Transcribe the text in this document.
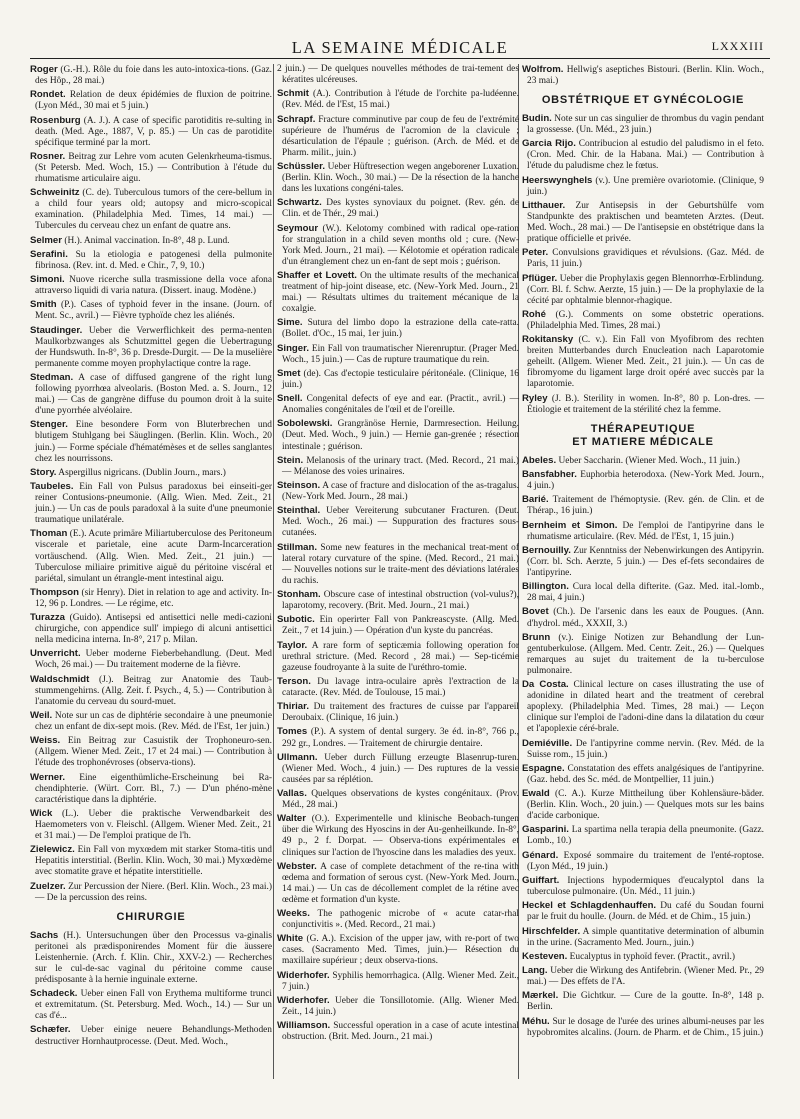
LA SEMAINE MÉDICALE	LXXXIII
Roger (G.-H.). Rôle du foie dans les auto-intoxica-tions. (Gaz. des Hôp., 28 mai.)
Rondet. Relation de deux épidémies de fluxion de poitrine. (Lyon Méd., 30 mai et 5 juin.)
Rosenburg (A. J.). A case of specific parotiditis re-sulting in death. (Med. Age., 1887, V, p. 85.) — Un cas de parotidite spécifique terminé par la mort.
Rosner. Beitrag zur Lehre vom acuten Gelenkrheuma-tismus. (St Petersb. Med. Woch, 15.) — Contribution à l'étude du rhumatisme articulaire aigu.
Schweinitz (C. de). Tuberculous tumors of the cere-bellum in a child four years old; autopsy and micro-scopical examination. (Philadelphia Med. Times, 14 mai.) — Tubercules du cerveau chez un enfant de quatre ans.
Selmer (H.). Animal vaccination. In-8°, 48 p. Lund.
Serafini. Su la etiologia e patogenesi della pulmonite fibrinosa. (Rev. int. d. Med. e Chir., 7, 9, 10.)
Simoni. Nuove ricerche sulla trasmissione della voce afona attraverso liquidi di varia natura. (Dissert. inaug. Modène.)
Smith (P.). Cases of typhoid fever in the insane. (Journ. of Ment. Sc., avril.) — Fièvre typhoïde chez les aliénés.
Staudinger. Ueber die Verwerflichkeit des perma-nenten Maulkorbzwanges als Schutzmittel gegen die Uebertragung der Hundswuth. In-8°, 36 p. Dresde-Durgit. — De la muselière permanente comme moyen prophylactique contre la rage.
Stedman. A case of diffused gangrene of the right lung following pyorrhœa alveolaris. (Boston Med. a. S. Journ., 12 mai.) — Cas de gangrène diffuse du poumon droit à la suite d'une pyorrhée alvéolaire.
Stenger. Eine besondere Form von Bluterbrechen und blutigem Stuhlgang bei Säuglingen. (Berlin. Klin. Woch., 20 juin.) — Forme spéciale d'hématémèses et de selles sanglantes chez les nourrissons.
Story. Aspergillus nigricans. (Dublin Journ., mars.)
Taubeles. Ein Fall von Pulsus paradoxus bei einseiti-ger reiner Contusions-pneumonie. (Allg. Wien. Med. Zeit., 21 juin.) — Un cas de pouls paradoxal à la suite d'une pneumonie traumatique unilatérale.
Thoman (E.). Acute primäre Miliartuberculose des Peritoneum viscerale et parietale, eine acute Darm-Incarceration vortäuschend. (Allg. Wien. Med. Zeit., 21 juin.) — Tuberculose miliaire primitive aiguë du péritoine viscéral et pariétal, simulant un étrangle-ment intestinal aigu.
Thompson (sir Henry). Diet in relation to age and activity. In-12, 96 p. Londres. — Le régime, etc.
Turazza (Guido). Antisepsi ed antisettici nelle medi-cazioni chirurgiche, con appendice sull' impiego di alcuni antisettici nella medicina interna. In-8°, 217 p. Milan.
Unverricht. Ueber moderne Fieberbehandlung. (Deut. Med Woch, 26 mai.) — Du traitement moderne de la fièvre.
Waldschmidt (J.). Beitrag zur Anatomie des Taub-stummengehirns. (Allg. Zeit. f. Psych., 4, 5.) — Contribution à l'anatomie du cerveau du sourd-muet.
Weil. Note sur un cas de diphtérie secondaire à une pneumonie chez un enfant de dix-sept mois. (Rev. Méd. de l'Est, 1er juin.)
Weiss. Ein Beitrag zur Casuistik der Trophoneuro-sen. (Allgem. Wiener Med. Zeit., 17 et 24 mai.) — Contribution à l'étude des trophonévroses (observa-tions).
Werner. Eine eigenthümliche-Erscheinung bei Ra-chendiphterie. (Würt. Corr. Bl., 7.) — D'un phéno-mène caractéristique dans la diphtérie.
Wick (L.). Ueber die praktische Verwendbarkeit des Haemometers von v. Fleischl. (Allgem. Wiener Med. Zeit., 21 et 31 mai.) — De l'emploi pratique de l'h.
Zielewicz. Ein Fall von myxœdem mit starker Stoma-titis und Hepatitis interstitial. (Berlin. Klin. Woch, 30 mai.) Myxœdème avec stomatite grave et hépatite interstitielle.
Zuelzer. Zur Percussion der Niere. (Berl. Klin. Woch., 23 mai.) — De la percussion des reins.
CHIRURGIE
Sachs (H.). Untersuchungen über den Processus va-ginalis peritonei als prædisponirendes Moment für die äussere Leistenhernie. (Arch. f. Klin. Chir., XXV-2.) — Recherches sur le cul-de-sac vaginal du péritoine comme cause prédisposante à la hernie inguinale externe.
Schadeck. Ueber einen Fall von Erythema multiforme trunci et extremitatum. (St. Petersburg. Med. Woch., 14.) — Sur un cas d'é...
Schæfer. Ueber einige neuere Behandlungs-Methoden destructiver Hornhautprocesse. (Deut. Med. Woch.,
2 juin.) — De quelques nouvelles méthodes de trai-tement des kératites ulcéreuses.
Schmit (A.). Contribution à l'étude de l'orchite pa-ludéenne. (Rev. Méd. de l'Est, 15 mai.)
Schrapf. Fracture comminutive par coup de feu de l'extrémité supérieure de l'humérus de l'acromion de la clavicule ; désarticulation de l'épaule ; guérison. (Arch. de Méd. et de Pharm. milit., juin.)
Schüssler. Ueber Hüftresection wegen angeborener Luxation. (Berlin. Klin. Woch., 30 mai.) — De la résection de la hanche dans les luxations congéni-tales.
Schwartz. Des kystes synoviaux du poignet. (Rev. gén. de Clin. et de Thér., 29 mai.)
Seymour (W.). Kelotomy combined with radical ope-ration for strangulation in a child seven months old ; cure. (New-York Med. Journ., 21 mai). — Kélotomie et opération radicale d'un étranglement chez un en-fant de sept mois ; guérison.
Shaffer et Lovett. On the ultimate results of the mechanical treatment of hip-joint disease, etc. (New-York Med. Journ., 21 mai.) — Résultats ultimes du traitement mécanique de la coxalgie.
Sime. Sutura del limbo dopo la estrazione della cate-ratta. (Bollet. d'Oc., 15 mai, 1er juin.)
Singer. Ein Fall von traumatischer Nierenruptur. (Prager Med. Woch., 15 juin.) — Cas de rupture traumatique du rein.
Smet (de). Cas d'ectopie testiculaire péritonéale. (Clinique, 16 juin.)
Snell. Congenital defects of eye and ear. (Practit., avril.) — Anomalies congénitales de l'œil et de l'oreille.
Sobolewski. Grangränöse Hernie, Darmresection. Heilung. (Deut. Med. Woch., 9 juin.) — Hernie gan-grenée ; résection intestinale ; guérison.
Stein. Melanosis of the urinary tract. (Med. Record., 21 mai.) — Mélanose des voies urinaires.
Steinson. A case of fracture and dislocation of the as-tragalus. (New-York Med. Journ., 28 mai.)
Steinthal. Ueber Vereiterung subcutaner Fracturen. (Deut. Med. Woch., 26 mai.) — Suppuration des fractures sous-cutanées.
Stillman. Some new features in the mechanical treat-ment of lateral rotary curvature of the spine. (Med. Record., 21 mai.) — Nouvelles notions sur le traite-ment des déviations latérales du rachis.
Stonham. Obscure case of intestinal obstruction (vol-vulus?), laparotomy, recovery. (Brit. Med. Journ., 21 mai.)
Subotic. Ein operirter Fall von Pankreascyste. (Allg. Med. Zeit., 7 et 14 juin.) — Opération d'un kyste du pancréas.
Taylor. A rare form of septicæmia following operation for urethral stricture. (Med. Record , 28 mai.) — Sep-ticémie gazeuse foudroyante à la suite de l'uréthro-tomie.
Terson. Du lavage intra-oculaire après l'extraction de la cataracte. (Rev. Méd. de Toulouse, 15 mai.)
Thiriar. Du traitement des fractures de cuisse par l'appareil Deroubaix. (Clinique, 16 juin.)
Tomes (P.). A system of dental surgery. 3e éd. in-8°, 766 p., 292 gr., Londres. — Traitement de chirurgie dentaire.
Ullmann. Ueber durch Füllung erzeugte Blasenrup-turen. (Wiener Med. Woch., 4 juin.) — Des ruptures de la vessie causées par sa réplétion.
Vallas. Quelques observations de kystes congénitaux. (Prov. Méd., 28 mai.)
Walter (O.). Experimentelle und klinische Beobach-tungen über die Wirkung des Hyoscins in der Au-genheilkunde. In-8°, 49 p., 2 f. Dorpat. — Observa-tions expérimentales et cliniques sur l'action de l'hyoscine dans les maladies des yeux.
Webster. A case of complete detachment of the re-tina with œdema and formation of serous cyst. (New-York Med. Journ., 14 mai.) — Un cas de décollement complet de la rétine avec œdème et formation d'un kyste.
Weeks. The pathogenic microbe of « acute catar-rhal conjunctivitis ». (Med. Record., 21 mai.)
White (G. A.). Excision of the upper jaw, with re-port of two cases. (Sacramento Med. Times, juin.)— Résection du maxillaire supérieur ; deux observa-tions.
Widerhofer. Syphilis hemorrhagica. (Allg. Wiener Med. Zeit., 7 juin.)
Widerhofer. Ueber die Tonsillotomie. (Allg. Wiener Med. Zeit., 14 juin.)
Williamson. Successful operation in a case of acute intestinal obstruction. (Brit. Med. Journ., 21 mai.)
Wolfrom. Hellwig's aseptiches Bistouri. (Berlin. Klin. Woch., 23 mai.)
OBSTÉTRIQUE ET GYNÉCOLOGIE
Budin. Note sur un cas singulier de thrombus du vagin pendant la grossesse. (Un. Méd., 23 juin.)
Garcia Rijo. Contribucion al estudio del paludismo in el feto. (Cron. Med. Chir. de la Habana. Mai.) — Contribution à l'étude du paludisme chez le fœtus.
Heerswynghels (v.). Une première ovariotomie. (Clinique, 9 juin.)
Litthauer. Zur Antisepsis in der Geburtshülfe vom Standpunkte des praktischen und beamteten Arztes. (Deut. Med. Woch., 28 mai.) — De l'antisepsie en obstétrique dans la pratique officielle et privée.
Peter. Convulsions gravidiques et révulsions. (Gaz. Méd. de Paris, 11 juin.)
Pflüger. Ueber die Prophylaxis gegen Blennorrhœ-Erblindung. (Corr. Bl. f. Schw. Aerzte, 15 juin.) — De la prophylaxie de la cécité par ophtalmie blennor-rhagique.
Rohé (G.). Comments on some obstetric operations. (Philadelphia Med. Times, 28 mai.)
Rokitansky (C. v.). Ein Fall von Myofibrom des rechten breiten Mutterbandes durch Enucleation nach Laparotomie geheilt. (Allgem. Wiener Med. Zeit., 21 juin.). — Un cas de fibromyome du ligament large droit opéré avec succès par la laparotomie.
Ryley (J. B.). Sterility in women. In-8°, 80 p. Lon-dres. — Étiologie et traitement de la stérilité chez la femme.
THÉRAPEUTIQUE
ET MATIERE MÉDICALE
Abeles. Ueber Saccharin. (Wiener Med. Woch., 11 juin.)
Bansfabher. Euphorbia heterodoxa. (New-York Med. Journ., 4 juin.)
Barié. Traitement de l'hémoptysie. (Rev. gén. de Clin. et de Thérap., 16 juin.)
Bernheim et Simon. De l'emploi de l'antipyrine dans le rhumatisme articulaire. (Rev. Méd. de l'Est, 1, 15 juin.)
Bernouilly. Zur Kenntniss der Nebenwirkungen des Antipyrin. (Corr. bl. Sch. Aerzte, 5 juin.) — Des ef-fets secondaires de l'antipyrine.
Billington. Cura local della difterite. (Gaz. Med. ital.-lomb., 28 mai, 4 juin.)
Bovet (Ch.). De l'arsenic dans les eaux de Pougues. (Ann. d'hydrol. méd., XXXII, 3.)
Brunn (v.). Einige Notizen zur Behandlung der Lun-gentuberkulose. (Allgem. Med. Centr. Zeit., 26.) — Quelques remarques au sujet du traitement de la tu-berculose pulmonaire.
Da Costa. Clinical lecture on cases illustrating the use of adonidine in dilated heart and the treatment of cerebral apoplexy. (Philadelphia Med. Times, 28 mai.) — Leçon clinique sur l'emploi de l'adoni-dine dans la dilatation du cœur et l'apoplexie céré-brale.
Demiéville. De l'antipyrine comme nervin. (Rev. Méd. de la Suisse rom., 15 juin.)
Espagne. Constatation des effets analgésiques de l'antipyrine. (Gaz. hebd. des Sc. méd. de Montpellier, 11 juin.)
Ewald (C. A.). Kurze Mittheilung über Kohlensäure-bäder. (Berlin. Klin. Woch., 20 juin.) — Quelques mots sur les bains d'acide carbonique.
Gasparini. La spartima nella terapia della pneumonite. (Gazz. Lomb., 10.)
Génard. Exposé sommaire du traitement de l'enté-roptose. (Lyon Méd., 19 juin.)
Guiffart. Injections hypodermiques d'eucalyptol dans la tuberculose pulmonaire. (Un. Méd., 11 juin.)
Heckel et Schlagdenhauffen. Du café du Soudan fourni par le fruit du houlle. (Journ. de Méd. et de Chim., 15 juin.)
Hirschfelder. A simple quantitative determination of albumin in the urine. (Sacramento Med. Journ., juin.)
Kesteven. Eucalyptus in typhoïd fever. (Practit., avril.)
Lang. Ueber die Wirkung des Antifebrin. (Wiener Med. Pr., 29 mai.) — Des effets de l'A.
Mærkel. Die Gichtkur. — Cure de la goutte. In-8°, 148 p. Berlin.
Méhu. Sur le dosage de l'urée des urines albumi-neuses par les hypobromites alcalins. (Journ. de Pharm. et de Chim., 15 juin.)
